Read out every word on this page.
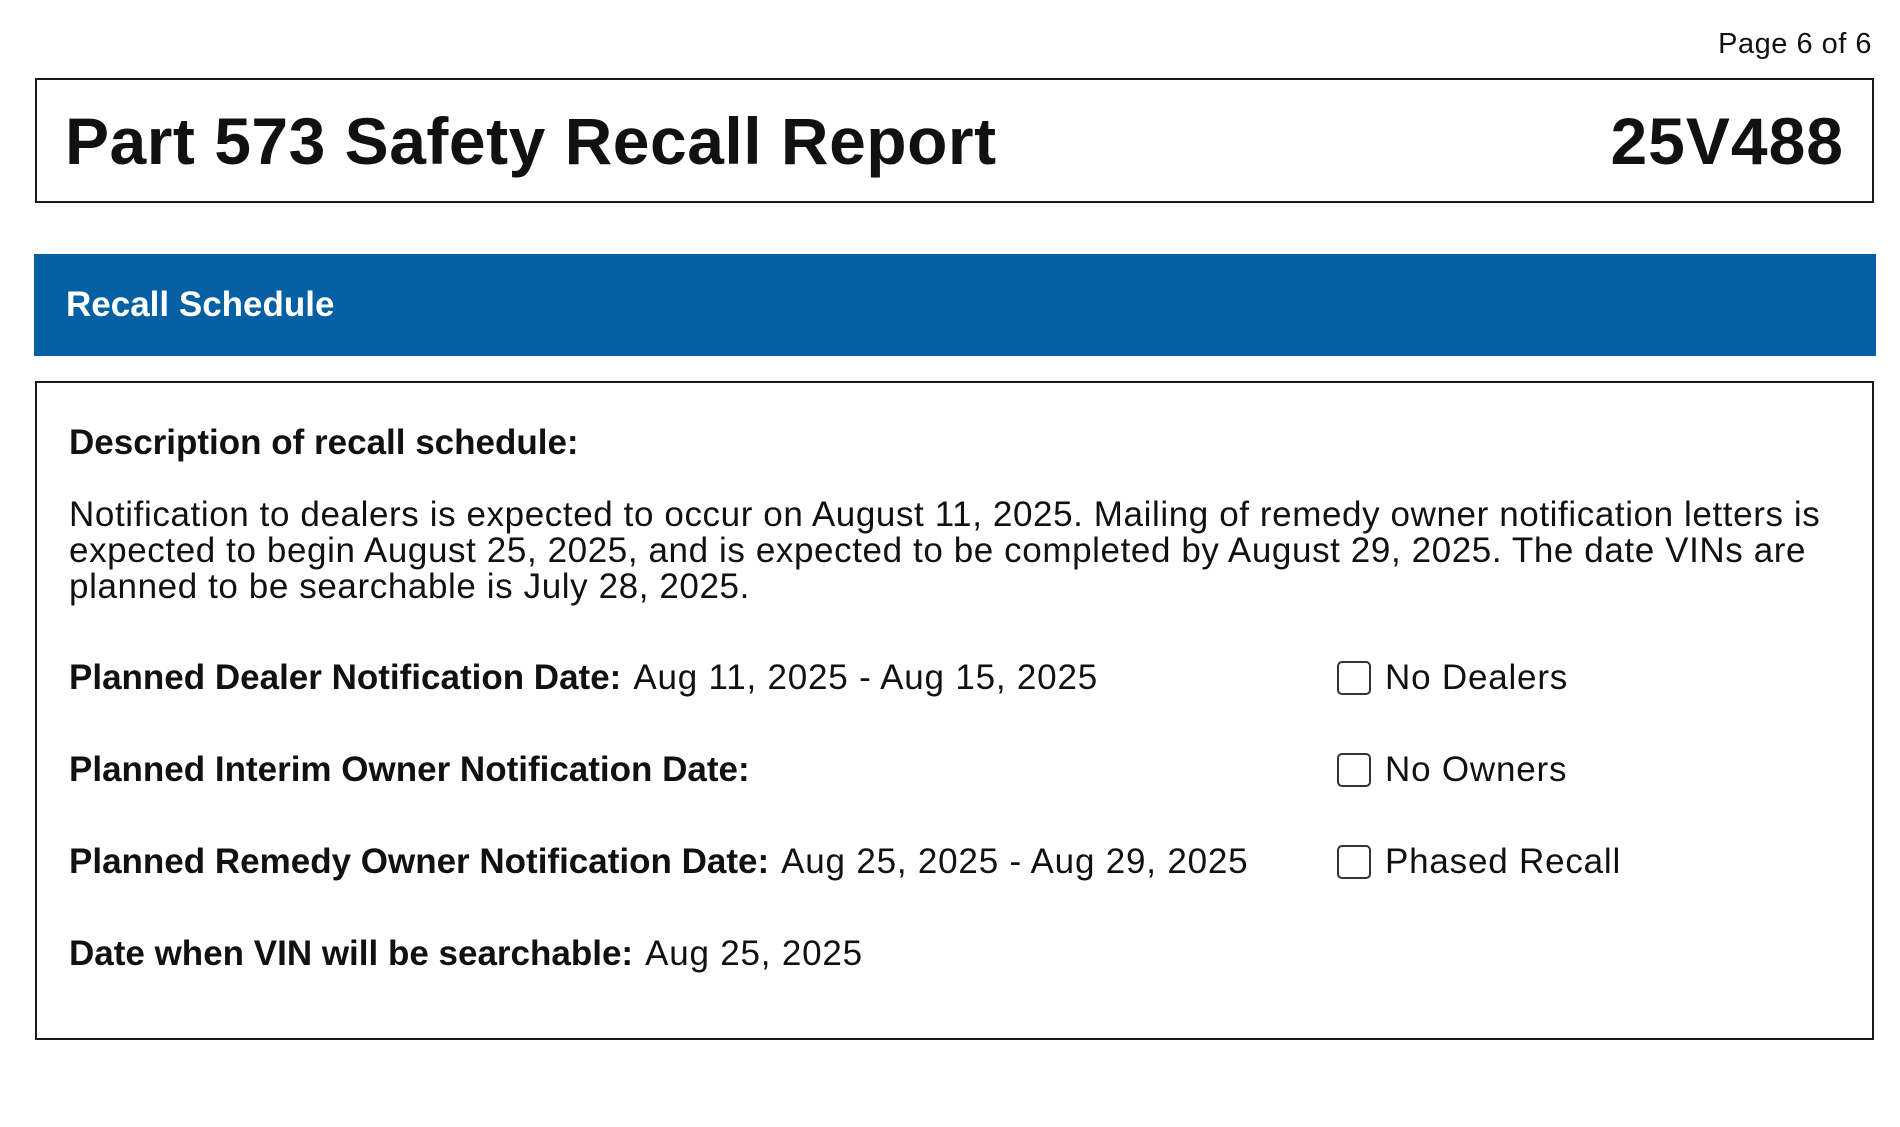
Page 6 of 6
Part 573 Safety Recall Report	25V488
Recall Schedule
Description of recall schedule:
Notification to dealers is expected to occur on August 11, 2025. Mailing of remedy owner notification letters is expected to begin August 25, 2025, and is expected to be completed by August 29, 2025. The date VINs are planned to be searchable is July 28, 2025.
Planned Dealer Notification Date: Aug 11, 2025 - Aug 15, 2025
Planned Interim Owner Notification Date:
Planned Remedy Owner Notification Date: Aug 25, 2025 - Aug 29, 2025
Date when VIN will be searchable: Aug 25, 2025
No Dealers
No Owners
Phased Recall
